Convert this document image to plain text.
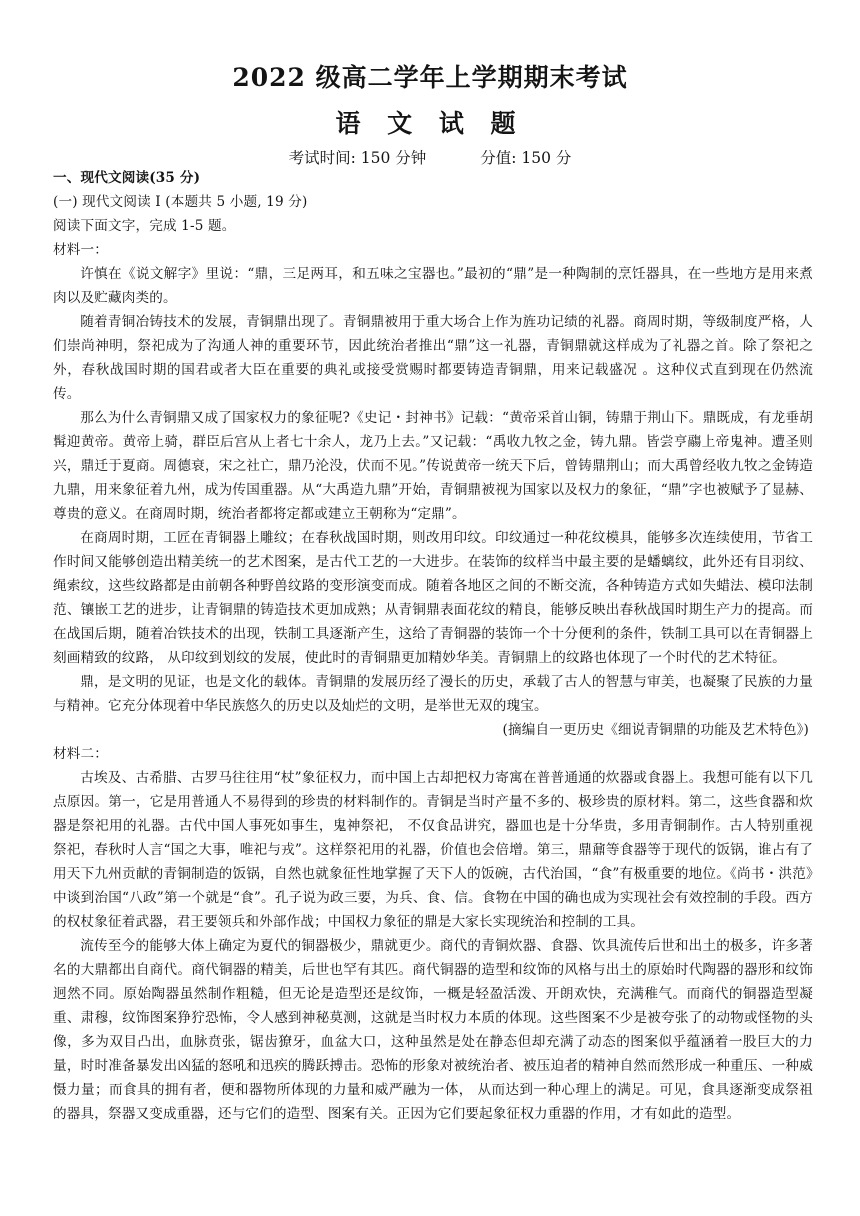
2022 级高二学年上学期期末考试
语 文 试 题
考试时间: 150 分钟	分值: 150 分

一、现代文阅读(35 分)

(一) 现代文阅读 I (本题共 5 小题, 19 分)

阅读下面文字，完成 1-5 题。

材料一：

许慎在《说文解字》里说：“鼎，三足两耳，和五味之宝器也。”最初的“鼎”是一种陶制的烹饪器具，在一些地方是用来煮肉以及贮藏肉类的。

随着青铜冶铸技术的发展，青铜鼎出现了。青铜鼎被用于重大场合上作为旌功记绩的礼器。商周时期，等级制度严格，人们崇尚神明，祭祀成为了沟通人神的重要环节，因此统治者推出“鼎”这一礼器，青铜鼎就这样成为了礼器之首。除了祭祀之外，春秋战国时期的国君或者大臣在重要的典礼或接受赏赐时都要铸造青铜鼎，用来记载盛况 。这种仪式直到现在仍然流传。

那么为什么青铜鼎又成了国家权力的象征呢?《史记・封神书》记载：“黄帝采首山铜，铸鼎于荆山下。鼎既成，有龙垂胡髯迎黄帝。黄帝上骑，群臣后宫从上者七十余人，龙乃上去。”又记载：“禹收九牧之金，铸九鼎。皆尝亨鬺上帝鬼神。遭圣则兴，鼎迁于夏商。周德衰，宋之社亡，鼎乃沦没，伏而不见。”传说黄帝一统天下后，曾铸鼎荆山；而大禹曾经收九牧之金铸造九鼎，用来象征着九州，成为传国重器。从“大禹造九鼎”开始，青铜鼎被视为国家以及权力的象征，“鼎”字也被赋予了显赫、尊贵的意义。在商周时期，统治者都将定都或建立王朝称为“定鼎”。

在商周时期，工匠在青铜器上雕纹；在春秋战国时期，则改用印纹。印纹通过一种花纹模具，能够多次连续使用，节省工作时间又能够创造出精美统一的艺术图案，是古代工艺的一大进步。在装饰的纹样当中最主要的是蟠螭纹，此外还有目羽纹、绳索纹，这些纹路都是由前朝各种野兽纹路的变形演变而成。随着各地区之间的不断交流，各种铸造方式如失蜡法、模印法制范、镶嵌工艺的进步，让青铜鼎的铸造技术更加成熟；从青铜鼎表面花纹的精良，能够反映出春秋战国时期生产力的提高。而在战国后期，随着冶铁技术的出现，铁制工具逐渐产生，这给了青铜器的装饰一个十分便利的条件，铁制工具可以在青铜器上刻画精致的纹路， 从印纹到划纹的发展，使此时的青铜鼎更加精妙华美。青铜鼎上的纹路也体现了一个时代的艺术特征。

鼎，是文明的见证，也是文化的载体。青铜鼎的发展历经了漫长的历史，承载了古人的智慧与审美，也凝聚了民族的力量与精神。它充分体现着中华民族悠久的历史以及灿烂的文明，是举世无双的瑰宝。

(摘编自一更历史《细说青铜鼎的功能及艺术特色》)

材料二：

古埃及、古希腊、古罗马往往用“杖”象征权力，而中国上古却把权力寄寓在普普通通的炊器或食器上。我想可能有以下几点原因。第一，它是用普通人不易得到的珍贵的材料制作的。青铜是当时产量不多的、极珍贵的原材料。第二，这些食器和炊器是祭祀用的礼器。古代中国人事死如事生，鬼神祭祀， 不仅食品讲究，器皿也是十分华贵，多用青铜制作。古人特别重视祭祀，春秋时人言“国之大事，唯祀与戎”。这样祭祀用的礼器，价值也会倍增。第三，鼎鼐等食器等于现代的饭锅，谁占有了用天下九州贡献的青铜制造的饭锅，自然也就象征性地掌握了天下人的饭碗，古代治国，“食”有极重要的地位。《尚书・洪范》中谈到治国“八政”第一个就是“食”。孔子说为政三要，为兵、食、信。食物在中国的确也成为实现社会有效控制的手段。西方的权杖象征着武器，君王要领兵和外部作战；中国权力象征的鼎是大家长实现统治和控制的工具。

流传至今的能够大体上确定为夏代的铜器极少，鼎就更少。商代的青铜炊器、食器、饮具流传后世和出土的极多，许多著名的大鼎都出自商代。商代铜器的精美，后世也罕有其匹。商代铜器的造型和纹饰的风格与出土的原始时代陶器的器形和纹饰迥然不同。原始陶器虽然制作粗糙，但无论是造型还是纹饰，一概是轻盈活泼、开朗欢快，充满稚气。而商代的铜器造型凝重、肃穆，纹饰图案狰狞恐怖，令人感到神秘莫测，这就是当时权力本质的体现。这些图案不少是被夸张了的动物或怪物的头像，多为双目凸出，血脉贲张，锯齿獠牙，血盆大口，这种虽然是处在静态但却充满了动态的图案似乎蕴涵着一股巨大的力量，时时准备暴发出凶猛的怒吼和迅疾的腾跃搏击。恐怖的形象对被统治者、被压迫者的精神自然而然形成一种重压、一种威慑力量；而食具的拥有者，便和器物所体现的力量和威严融为一体， 从而达到一种心理上的满足。可见，食具逐渐变成祭祖的器具，祭器又变成重器，还与它们的造型、图案有关。正因为它们要起象征权力重器的作用，才有如此的造型。
